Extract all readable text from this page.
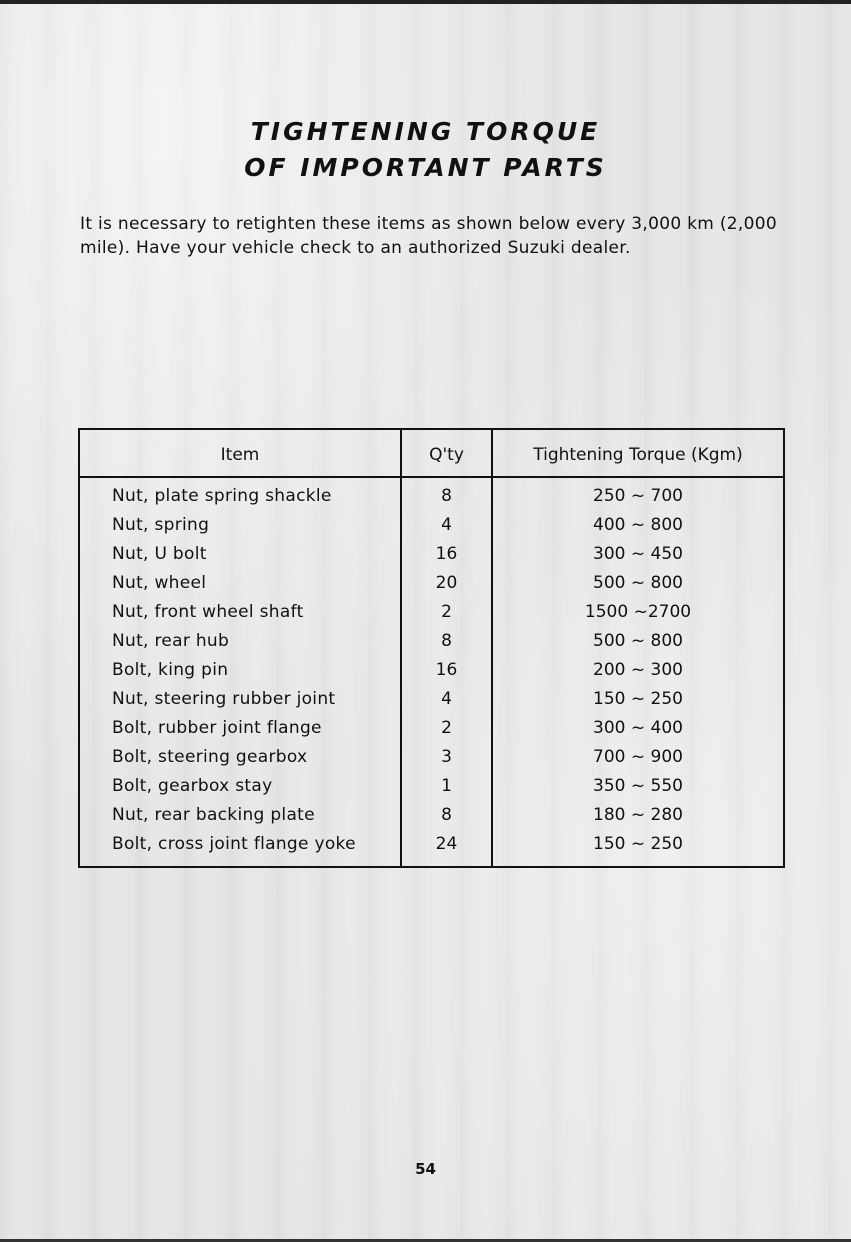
TIGHTENING TORQUE
OF IMPORTANT PARTS

It is necessary to retighten these items as shown below every 3,000 km (2,000

mile). Have your vehicle check to an authorized Suzuki dealer.

Item	Q'ty	Tightening Torque (Kgm)
Nut, plate spring shackle	8	250 ~ 700
Nut, spring	4	400 ~ 800
Nut, U bolt	16	300 ~ 450
Nut, wheel	20	500 ~ 800
Nut, front wheel shaft	2	1500 ~2700
Nut, rear hub	8	500 ~ 800
Bolt, king pin	16	200 ~ 300
Nut, steering rubber joint	4	150 ~ 250
Bolt, rubber joint flange	2	300 ~ 400
Bolt, steering gearbox	3	700 ~ 900
Bolt, gearbox stay	1	350 ~ 550
Nut, rear backing plate	8	180 ~ 280
Bolt, cross joint flange yoke	24	150 ~ 250
54
